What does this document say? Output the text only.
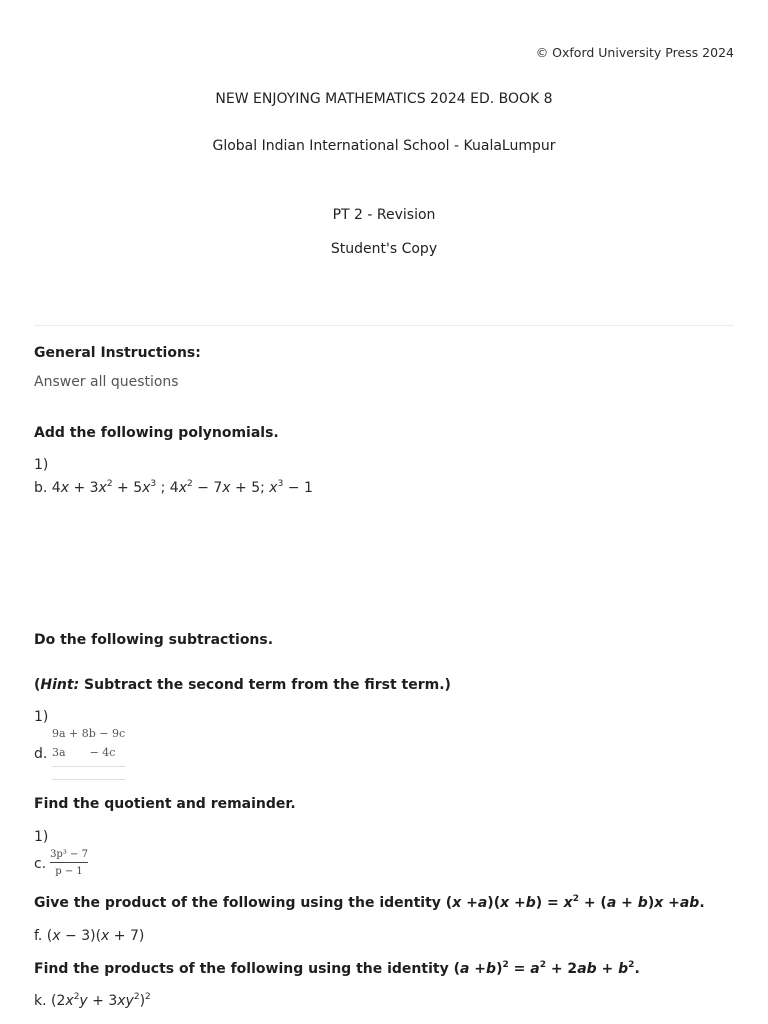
© Oxford University Press 2024
NEW ENJOYING MATHEMATICS 2024 ED. BOOK 8
Global Indian International School - KualaLumpur
PT 2 - Revision
Student's Copy
General Instructions:
Answer all questions
Add the following polynomials.
1)
b. $4x + 3x^2 + 5x^3$ ; $4x^2 - 7x + 5$; $x^3 - 1$
Do the following subtractions.
(Hint: Subtract the second term from the first term.)
1)
d.
9a + 8b − 9c
3a − 4c
Find the quotient and remainder.
1)
c.
3p³ − 7
p − 1
Give the product of the following using the identity $(x +a)(x +b) = x^2 + (a + b)x +ab$.
f. (x − 3)(x + 7)
Find the products of the following using the identity $(a +b)^2 = a^2 + 2ab + b^2$.
k. $(2x^2y + 3xy^2)^2$
